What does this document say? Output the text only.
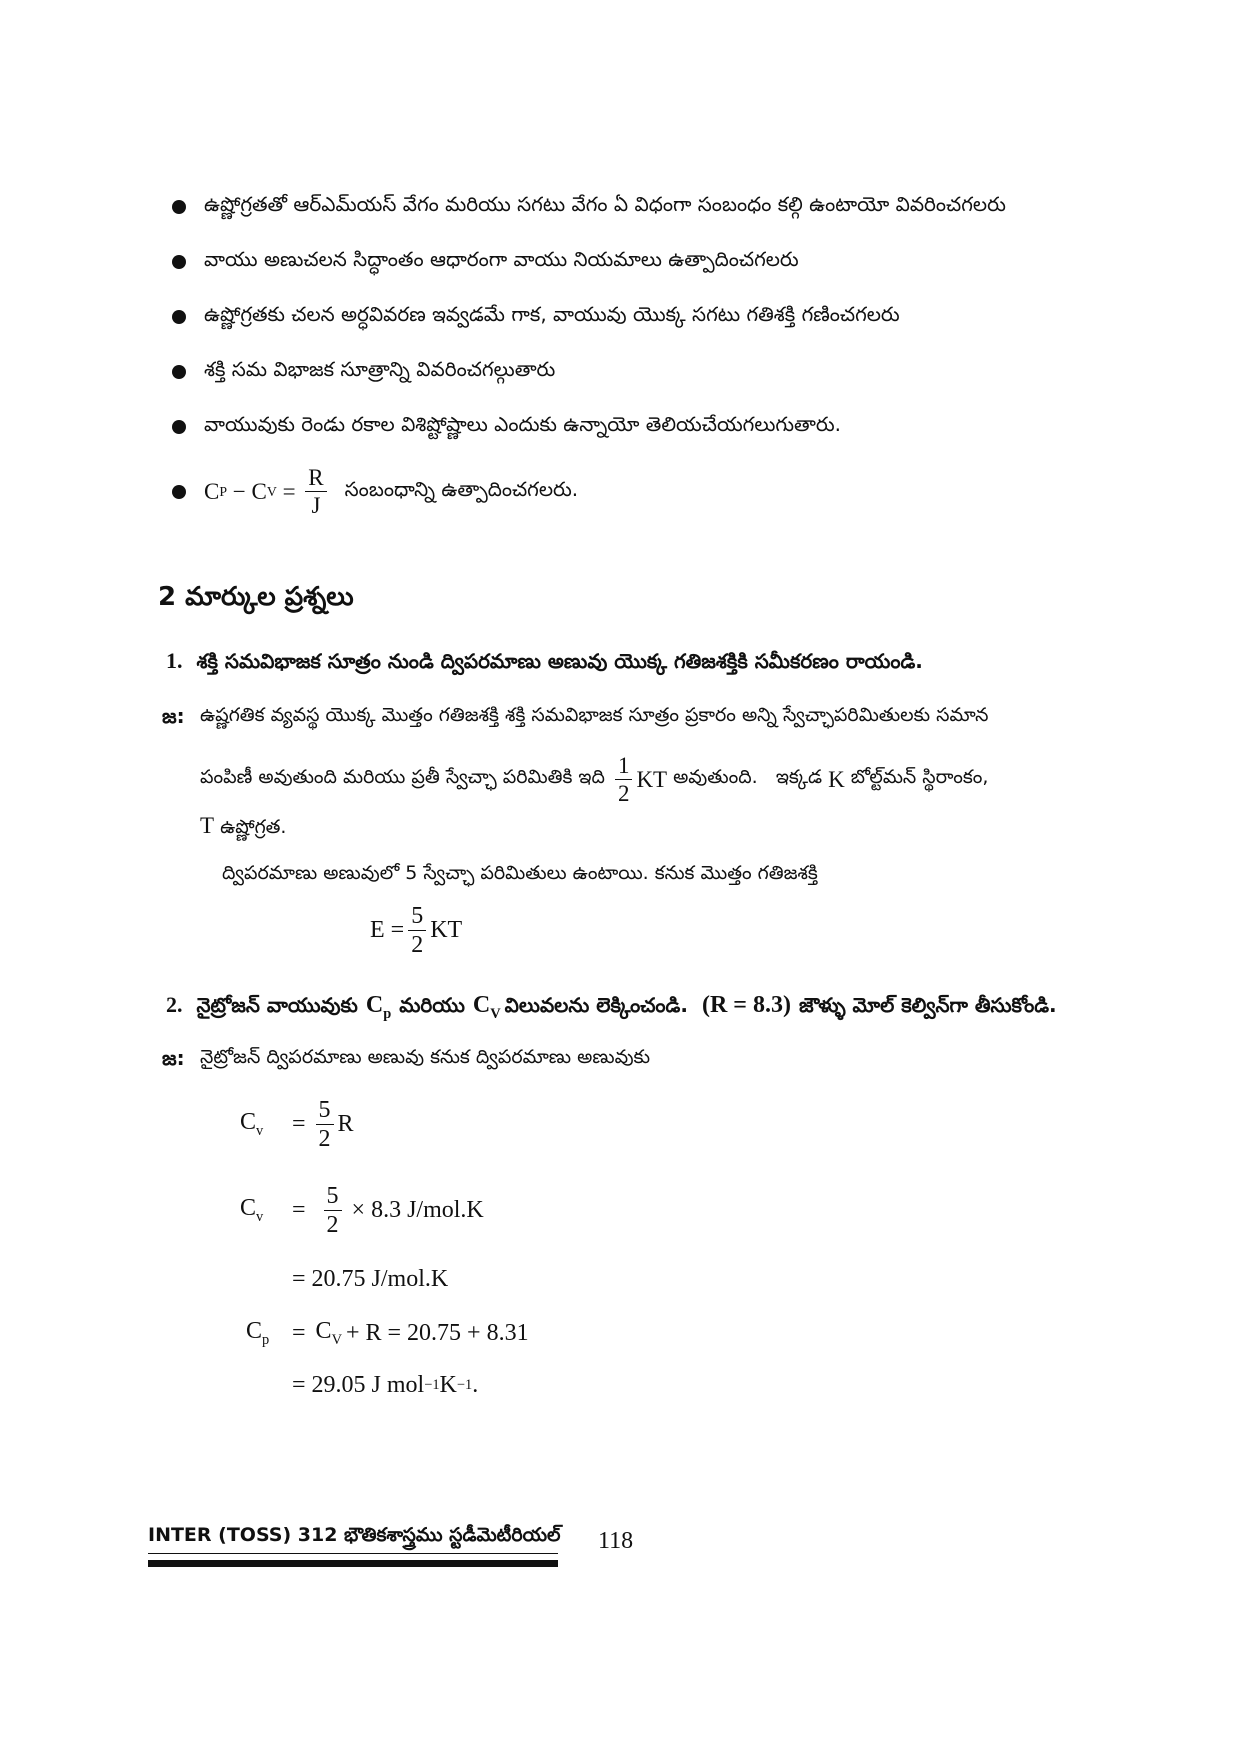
ఉష్ణోగ్రతతో ఆర్ఎమ్‌యస్ వేగం మరియు సగటు వేగం ఏ విధంగా సంబంధం కల్గి ఉంటాయో వివరించగలరు
వాయు అణుచలన సిద్ధాంతం ఆధారంగా వాయు నియమాలు ఉత్పాదించగలరు
ఉష్ణోగ్రతకు చలన అర్ధవివరణ ఇవ్వడమే గాక, వాయువు యొక్క సగటు గతిశక్తి గణించగలరు
శక్తి సమ విభాజక సూత్రాన్ని వివరించగల్గుతారు
వాయువుకు రెండు రకాల విశిష్టోష్ణాలు ఎందుకు ఉన్నాయో తెలియచేయగలుగుతారు.
C P − C $V = \frac{R}{J}$ సంబంధాన్ని ఉత్పాదించగలరు.
2 మార్కుల ప్రశ్నలు
1. శక్తి సమవిభాజక సూత్రం నుండి ద్విపరమాణు అణువు యొక్క గతిజశక్తికి సమీకరణం రాయండి.
జ: ఉష్ణగతిక వ్యవస్థ యొక్క మొత్తం గతిజశక్తి శక్తి సమవిభాజక సూత్రం ప్రకారం అన్ని స్వేచ్ఛాపరిమితులకు సమాన
పంపిణీ అవుతుంది మరియు ప్రతీ స్వేచ్ఛా పరిమితికి ఇది $\frac{1}{2}$ KT అవుతుంది.   ఇక్కడ K బోల్ట్‌మన్ స్థిరాంకం,
T ఉష్ణోగ్రత.
ద్విపరమాణు అణువులో 5 స్వేచ్ఛా పరిమితులు ఉంటాయి. కనుక మొత్తం గతిజశక్తి
$E = \frac{5}{2}$ KT
2. నైట్రోజన్ వాయువుకు $C_p$ మరియు $C_V$ విలువలను లెక్కించండి. (R = 8.3) జౌళ్ళు మోల్ కెల్విన్‌గా తీసుకోండి.
జ: నైట్రోజన్ ద్విపరమాణు అణువు కనుక ద్విపరమాణు అణువుకు
$C_v$	= $\frac{5}{2}$ R
$C_v$	= $\frac{5}{2} \times 8.3$ J/mol.K
= 20.75 J/mol.K
$C_p = C_V + R = 20.75 + 8.31$
= 29.05 J mol −1 K −1 .
INTER (TOSS) 312 భౌతికశాస్త్రము స్టడీమెటీరియల్ 118
